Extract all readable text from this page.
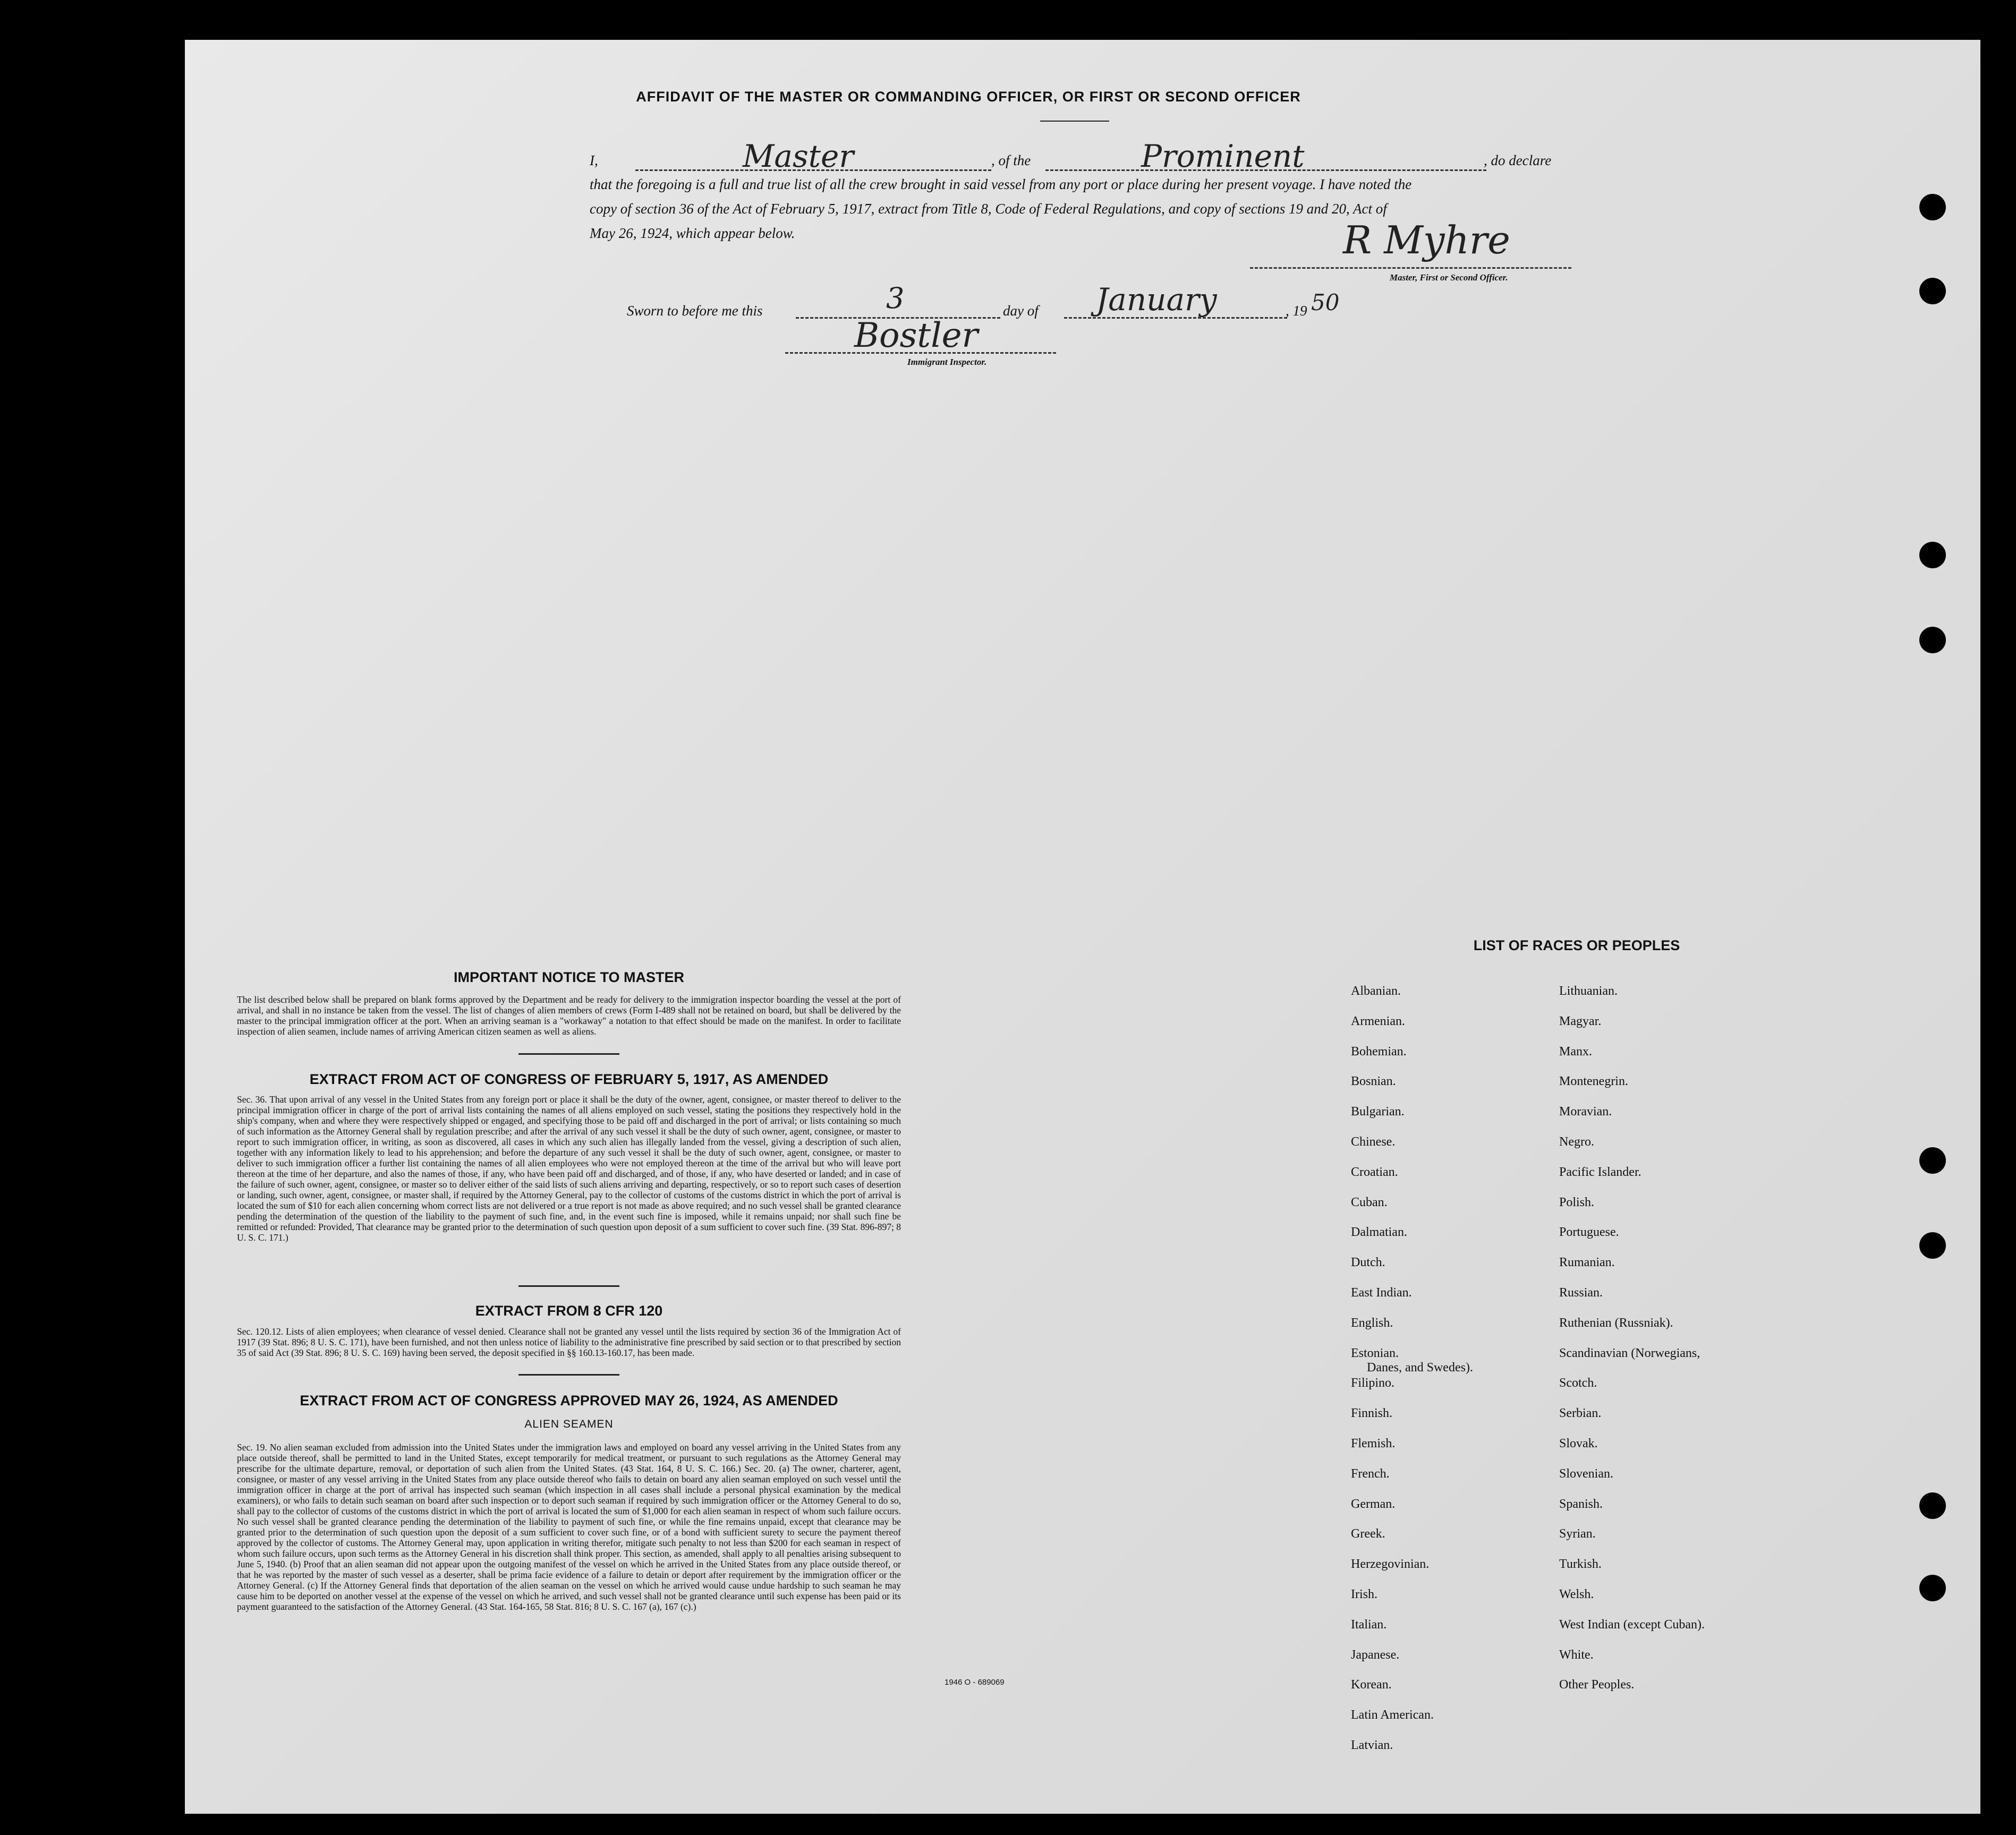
AFFIDAVIT OF THE MASTER OR COMMANDING OFFICER, OR FIRST OR SECOND OFFICER
I,	Master	, of the	Prominent	, do declare
that the foregoing is a full and true list of all the crew brought in said vessel from any port or place during her present voyage. I have noted the
copy of section 36 of the Act of February 5, 1917, extract from Title 8, Code of Federal Regulations, and copy of sections 19 and 20, Act of
May 26, 1924, which appear below.	R Myhre
Master, First or Second Officer.
Sworn to before me this	3	day of January	, 19 50
Bostler
Immigrant Inspector.
IMPORTANT NOTICE TO MASTER
The list described below shall be prepared on blank forms approved by the Department and be ready for delivery to the immigration inspector boarding the vessel at the port of arrival, and shall in no instance be taken from the vessel. The list of changes of alien members of crews (Form I-489 shall not be retained on board, but shall be delivered by the master to the principal immigration officer at the port. When an arriving seaman is a "workaway" a notation to that effect should be made on the manifest. In order to facilitate inspection of alien seamen, include names of arriving American citizen seamen as well as aliens.
EXTRACT FROM ACT OF CONGRESS OF FEBRUARY 5, 1917, AS AMENDED
Sec. 36. That upon arrival of any vessel in the United States from any foreign port or place it shall be the duty of the owner, agent, consignee, or master thereof to deliver to the principal immigration officer in charge of the port of arrival lists containing the names of all aliens employed on such vessel, stating the positions they respectively hold in the ship's company, when and where they were respectively shipped or engaged, and specifying those to be paid off and discharged in the port of arrival; or lists containing so much of such information as the Attorney General shall by regulation prescribe; and after the arrival of any such vessel it shall be the duty of such owner, agent, consignee, or master to report to such immigration officer, in writing, as soon as discovered, all cases in which any such alien has illegally landed from the vessel, giving a description of such alien, together with any information likely to lead to his apprehension; and before the departure of any such vessel it shall be the duty of such owner, agent, consignee, or master to deliver to such immigration officer a further list containing the names of all alien employees who were not employed thereon at the time of the arrival but who will leave port thereon at the time of her departure, and also the names of those, if any, who have been paid off and discharged, and of those, if any, who have deserted or landed; and in case of the failure of such owner, agent, consignee, or master so to deliver either of the said lists of such aliens arriving and departing, respectively, or so to report such cases of desertion or landing, such owner, agent, consignee, or master shall, if required by the Attorney General, pay to the collector of customs of the customs district in which the port of arrival is located the sum of $10 for each alien concerning whom correct lists are not delivered or a true report is not made as above required; and no such vessel shall be granted clearance pending the determination of the question of the liability to the payment of such fine, and, in the event such fine is imposed, while it remains unpaid; nor shall such fine be remitted or refunded: Provided, That clearance may be granted prior to the determination of such question upon deposit of a sum sufficient to cover such fine. (39 Stat. 896-897; 8 U. S. C. 171.)
EXTRACT FROM 8 CFR 120
Sec. 120.12. Lists of alien employees; when clearance of vessel denied. Clearance shall not be granted any vessel until the lists required by section 36 of the Immigration Act of 1917 (39 Stat. 896; 8 U. S. C. 171), have been furnished, and not then unless notice of liability to the administrative fine prescribed by said section or to that prescribed by section 35 of said Act (39 Stat. 896; 8 U. S. C. 169) having been served, the deposit specified in §§ 160.13-160.17, has been made.
EXTRACT FROM ACT OF CONGRESS APPROVED MAY 26, 1924, AS AMENDED
ALIEN SEAMEN
Sec. 19. No alien seaman excluded from admission into the United States under the immigration laws and employed on board any vessel arriving in the United States from any place outside thereof, shall be permitted to land in the United States, except temporarily for medical treatment, or pursuant to such regulations as the Attorney General may prescribe for the ultimate departure, removal, or deportation of such alien from the United States. (43 Stat. 164, 8 U. S. C. 166.) Sec. 20. (a) The owner, charterer, agent, consignee, or master of any vessel arriving in the United States from any place outside thereof who fails to detain on board any alien seaman employed on such vessel until the immigration officer in charge at the port of arrival has inspected such seaman (which inspection in all cases shall include a personal physical examination by the medical examiners), or who fails to detain such seaman on board after such inspection or to deport such seaman if required by such immigration officer or the Attorney General to do so, shall pay to the collector of customs of the customs district in which the port of arrival is located the sum of $1,000 for each alien seaman in respect of whom such failure occurs. No such vessel shall be granted clearance pending the determination of the liability to payment of such fine, or while the fine remains unpaid, except that clearance may be granted prior to the determination of such question upon the deposit of a sum sufficient to cover such fine, or of a bond with sufficient surety to secure the payment thereof approved by the collector of customs. The Attorney General may, upon application in writing therefor, mitigate such penalty to not less than $200 for each seaman in respect of whom such failure occurs, upon such terms as the Attorney General in his discretion shall think proper. This section, as amended, shall apply to all penalties arising subsequent to June 5, 1940. (b) Proof that an alien seaman did not appear upon the outgoing manifest of the vessel on which he arrived in the United States from any place outside thereof, or that he was reported by the master of such vessel as a deserter, shall be prima facie evidence of a failure to detain or deport after requirement by the immigration officer or the Attorney General. (c) If the Attorney General finds that deportation of the alien seaman on the vessel on which he arrived would cause undue hardship to such seaman he may cause him to be deported on another vessel at the expense of the vessel on which he arrived, and such vessel shall not be granted clearance until such expense has been paid or its payment guaranteed to the satisfaction of the Attorney General. (43 Stat. 164-165, 58 Stat. 816; 8 U. S. C. 167 (a), 167 (c).)
1946 O - 689069
LIST OF RACES OR PEOPLES
Albanian.
Armenian.
Bohemian.
Bosnian.
Bulgarian.
Chinese.
Croatian.
Cuban.
Dalmatian.
Dutch.
East Indian.
English.
Estonian.
Filipino.
Finnish.
Flemish.
French.
German.
Greek.
Herzegovinian.
Irish.
Italian.
Japanese.
Korean.
Latin American.
Latvian.
Lithuanian.
Magyar.
Manx.
Montenegrin.
Moravian.
Negro.
Pacific Islander.
Polish.
Portuguese.
Rumanian.
Russian.
Ruthenian (Russniak).
Scandinavian (Norwegians,
Danes, and Swedes).
Scotch.
Serbian.
Slovak.
Slovenian.
Spanish.
Syrian.
Turkish.
Welsh.
West Indian (except Cuban).
White.
Other Peoples.
